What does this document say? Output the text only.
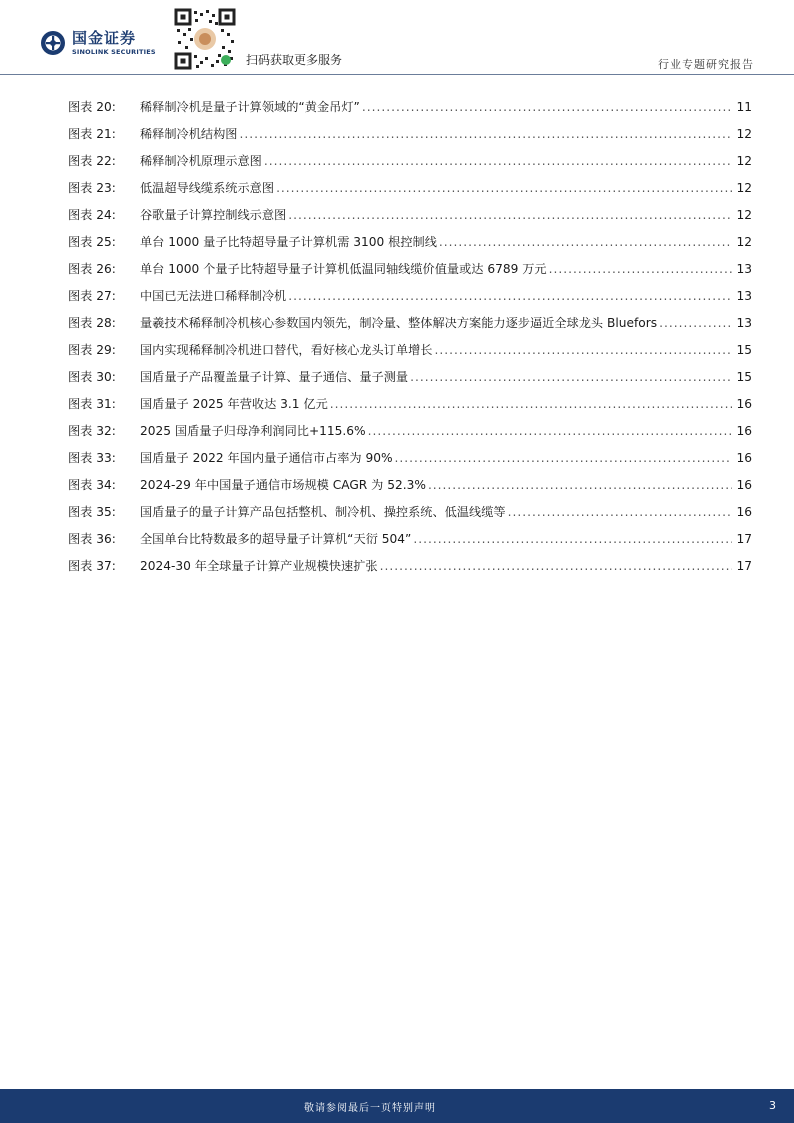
国金证券
SINOLINK SECURITIES
扫码获取更多服务	行业专题研究报告
图表 20:	稀释制冷机是量子计算领域的“黄金吊灯” .....	11
图表 21:	稀释制冷机结构图 .....	12
图表 22:	稀释制冷机原理示意图 .....	12
图表 23:	低温超导线缆系统示意图 .....	12
图表 24:	谷歌量子计算控制线示意图 .....	12
图表 25:	单台 1000 量子比特超导量子计算机需 3100 根控制线 .....	12
图表 26:	单台 1000 个量子比特超导量子计算机低温同轴线缆价值量或达 6789 万元 .....	13
图表 27:	中国已无法进口稀释制冷机 .....	13
图表 28:	量羲技术稀释制冷机核心参数国内领先，制冷量、整体解决方案能力逐步逼近全球龙头 Bluefors .....	13
图表 29:	国内实现稀释制冷机进口替代，看好核心龙头订单增长 .....	15
图表 30:	国盾量子产品覆盖量子计算、量子通信、量子测量 .....	15
图表 31:	国盾量子 2025 年营收达 3.1 亿元 .....	16
图表 32:	2025 国盾量子归母净利润同比+115.6% .....	16
图表 33:	国盾量子 2022 年国内量子通信市占率为 90% .....	16
图表 34:	2024-29 年中国量子通信市场规模 CAGR 为 52.3% .....	16
图表 35:	国盾量子的量子计算产品包括整机、制冷机、操控系统、低温线缆等 .....	16
图表 36:	全国单台比特数最多的超导量子计算机“天衍 504” .....	17
图表 37:	2024-30 年全球量子计算产业规模快速扩张 .....	17
敬请参阅最后一页特别声明	3
